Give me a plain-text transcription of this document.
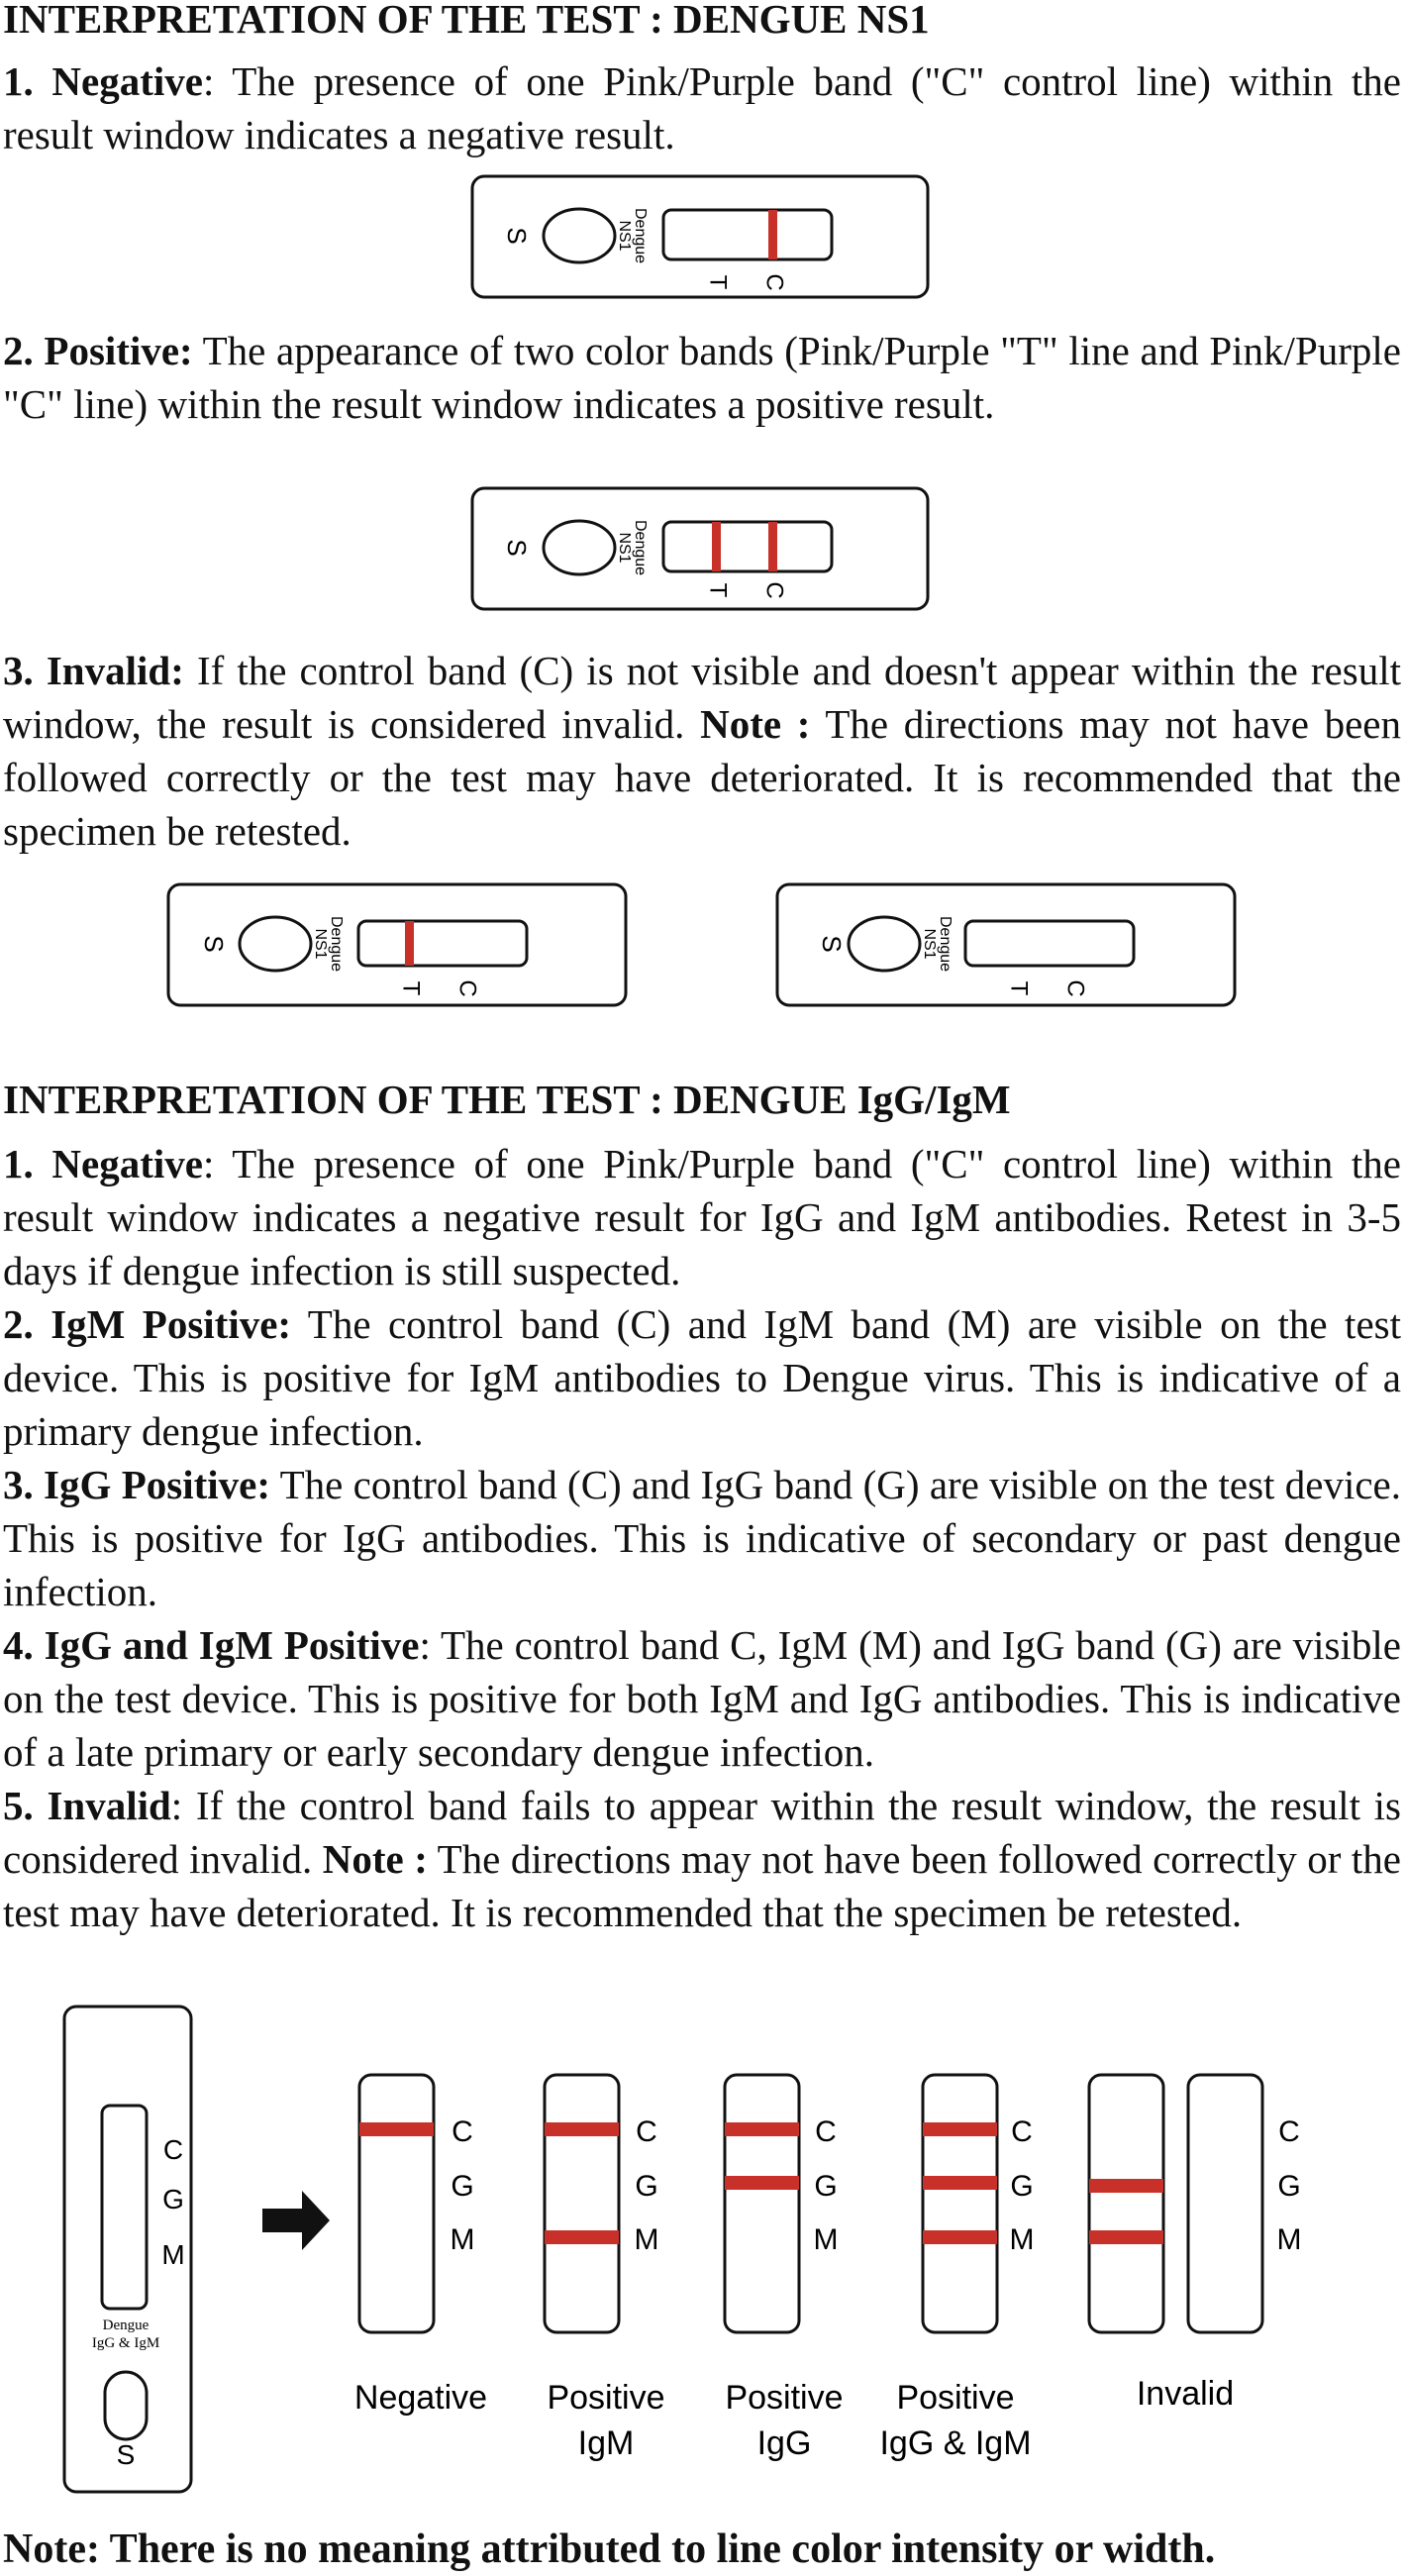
INTERPRETATION OF THE TEST : DENGUE NS1

1. Negative: The presence of one Pink/Purple band ("C" control line) within the result window indicates a negative result.

S	Dengue
NS1
T C

2. Positive: The appearance of two color bands (Pink/Purple "T" line and Pink/Purple "C" line) within the result window indicates a positive result.

S	Dengue
NS1
T C

3. Invalid: If the control band (C) is not visible and doesn't appear within the result window, the result is considered invalid. Note : The directions may not have been followed correctly or the test may have deteriorated. It is recommended that the specimen be retested.

S	Dengue
NS1
T C
S	Dengue
NS1
T C
INTERPRETATION OF THE TEST : DENGUE IgG/IgM

1. Negative: The presence of one Pink/Purple band ("C" control line) within the result window indicates a negative result for IgG and IgM antibodies. Retest in 3-5 days if dengue infection is still suspected.

2. IgM Positive: The control band (C) and IgM band (M) are visible on the test device. This is positive for IgM antibodies to Dengue virus. This is indicative of a primary dengue infection.

3. IgG Positive: The control band (C) and IgG band (G) are visible on the test device. This is positive for IgG antibodies. This is indicative of secondary or past dengue infection.

4. IgG and IgM Positive: The control band C, IgM (M) and IgG band (G) are visible on the test device. This is positive for both IgM and IgG antibodies. This is indicative of a late primary or early secondary dengue infection.

5. Invalid: If the control band fails to appear within the result window, the result is considered invalid. Note : The directions may not have been followed correctly or the test may have deteriorated. It is recommended that the specimen be retested.

C
G
M
Dengue
IgG & IgM
S
C
G
M
C
G
M
C
G
M
C
G
M
C
G
M
Negative Positive
IgM
Positive
IgG
Positive
IgG & IgM
Invalid

Note: There is no meaning attributed to line color intensity or width.
